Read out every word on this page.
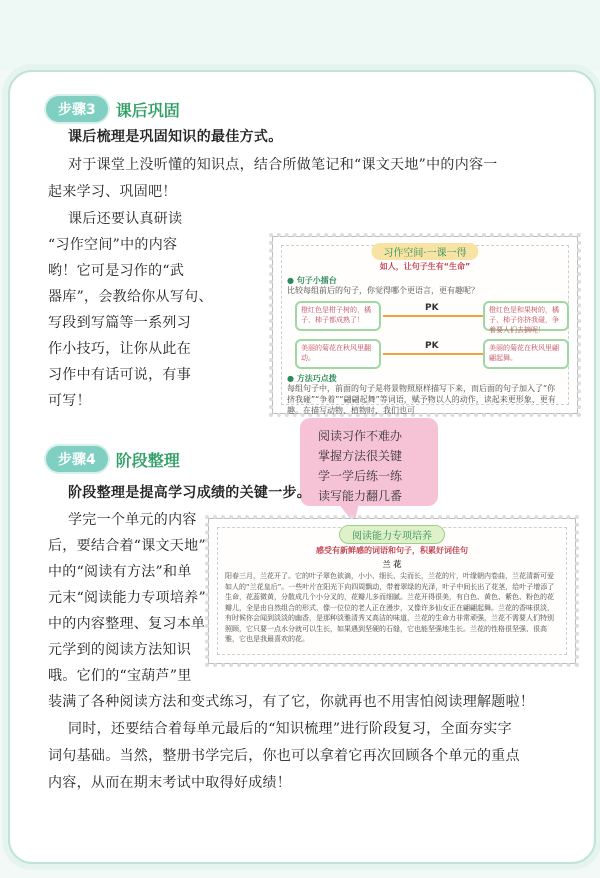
步骤3	课后巩固
课后梳理是巩固知识的最佳方式。
对于课堂上没听懂的知识点，结合所做笔记和“课文天地”中的内容一
起来学习、巩固吧！
课后还要认真研读
“习作空间”中的内容
哟！它可是习作的“武
器库”，会教给你从写句、
写段到写篇等一系列习
作小技巧，让你从此在
习作中有话可说，有事
可写！
习作空间·一课一得
如人，让句子生有“生命”
● 句子小擂台
比较每组前后的句子，你觉得哪个更语言，更有趣呢？
橙红色是柑子树的，橘子、柿子都成熟了！
PK	橙红色是和果树的，橘子、柿子你挤我碰，争着要人们去摘呢！
美丽的菊花在秋风里翻动。
PK	美丽的菊花在秋风里翩翩起舞。
● 方法巧点拨
每组句子中，前面的句子是将景物照原样描写下来，而后面的句子加入了“你挤我碰”“争着”“翩翩起舞”等词语，赋予物以人的动作，读起来更形象、更有趣。在描写动物、植物时，我们也可
阅读习作不难办
掌握方法很关键
学一学后练一练
读写能力翻几番
步骤4	阶段整理
阶段整理是提高学习成绩的关键一步。
学完一个单元的内容
后，要结合着“课文天地”
中的“阅读有方法”和单
元末“阅读能力专项培养”
中的内容整理、复习本单
元学到的阅读方法知识
哦。它们的“宝葫芦”里
阅读能力专项培养
感受有新鲜感的词语和句子，积累好词佳句
兰 花
阳春三月，兰花开了。它的叶子翠色欲滴，小小、细长、尖而长，兰花的片，叶缘朝内卷曲，兰花清新可爱如人的“兰花皇后”。一些叶片在阳光下向四周飘动，带着翠绿的光泽，叶子中间长出了花茎，给叶子增添了生命，花蕊微黄，分散成几个小分叉的，花瓣儿多而细腻。兰花开得很美，有白色、黄色、紫色、粉色的花瓣儿，全是由自然组合的形式，像一位位的老人正在漫步，又像许多仙女正在翩翩起舞。兰花的香味很淡，有时候你会闻到淡淡的幽香，是那种淡雅清秀又高洁的味道，兰花的生命力非常顽强，兰花不需要人们特别照顾，它只要一点水分就可以生长，如果遇到坚硬的石缝，它也能坚强地生长。兰花的性格很坚强、很高雅，它也是我最喜欢的花。
装满了各种阅读方法和变式练习，有了它，你就再也不用害怕阅读理解题啦！
同时，还要结合着每单元最后的“知识梳理”进行阶段复习，全面夯实字
词句基础。当然，整册书学完后，你也可以拿着它再次回顾各个单元的重点
内容，从而在期末考试中取得好成绩！
